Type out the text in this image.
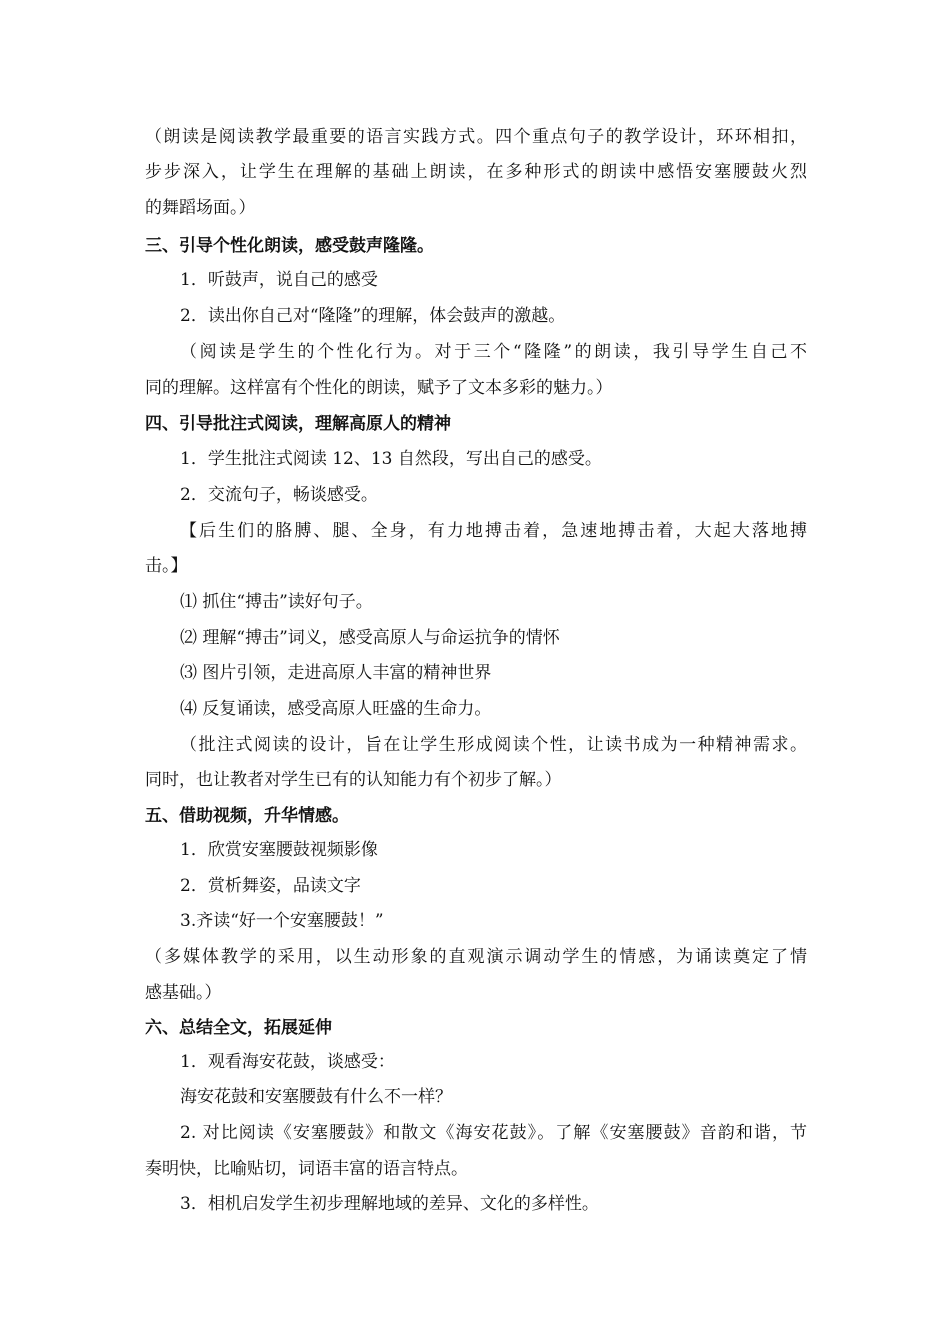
（朗读是阅读教学最重要的语言实践方式。四个重点句子的教学设计，环环相扣，
步步深入，让学生在理解的基础上朗读，在多种形式的朗读中感悟安塞腰鼓火烈
的舞蹈场面。）
三、引导个性化朗读，感受鼓声隆隆。
1．听鼓声，说自己的感受
2．读出你自己对“隆隆”的理解，体会鼓声的激越。
（阅读是学生的个性化行为。对于三个“隆隆”的朗读，我引导学生自己不
同的理解。这样富有个性化的朗读，赋予了文本多彩的魅力。）
四、引导批注式阅读，理解高原人的精神
1．学生批注式阅读 12、13 自然段，写出自己的感受。
2．交流句子，畅谈感受。
【后生们的胳膊、腿、全身，有力地搏击着，急速地搏击着，大起大落地搏
击。】
⑴ 抓住“搏击”读好句子。
⑵ 理解“搏击”词义，感受高原人与命运抗争的情怀
⑶ 图片引领，走进高原人丰富的精神世界
⑷ 反复诵读，感受高原人旺盛的生命力。
（批注式阅读的设计，旨在让学生形成阅读个性，让读书成为一种精神需求。
同时，也让教者对学生已有的认知能力有个初步了解。）
五、借助视频，升华情感。
1．欣赏安塞腰鼓视频影像
2．赏析舞姿，品读文字
3.齐读“好一个安塞腰鼓！”
（多媒体教学的采用，以生动形象的直观演示调动学生的情感，为诵读奠定了情
感基础。）
六、总结全文，拓展延伸
1．观看海安花鼓，谈感受：
海安花鼓和安塞腰鼓有什么不一样？
2. 对比阅读《安塞腰鼓》和散文《海安花鼓》。了解《安塞腰鼓》音韵和谐，节
奏明快，比喻贴切，词语丰富的语言特点。
3．相机启发学生初步理解地域的差异、文化的多样性。
